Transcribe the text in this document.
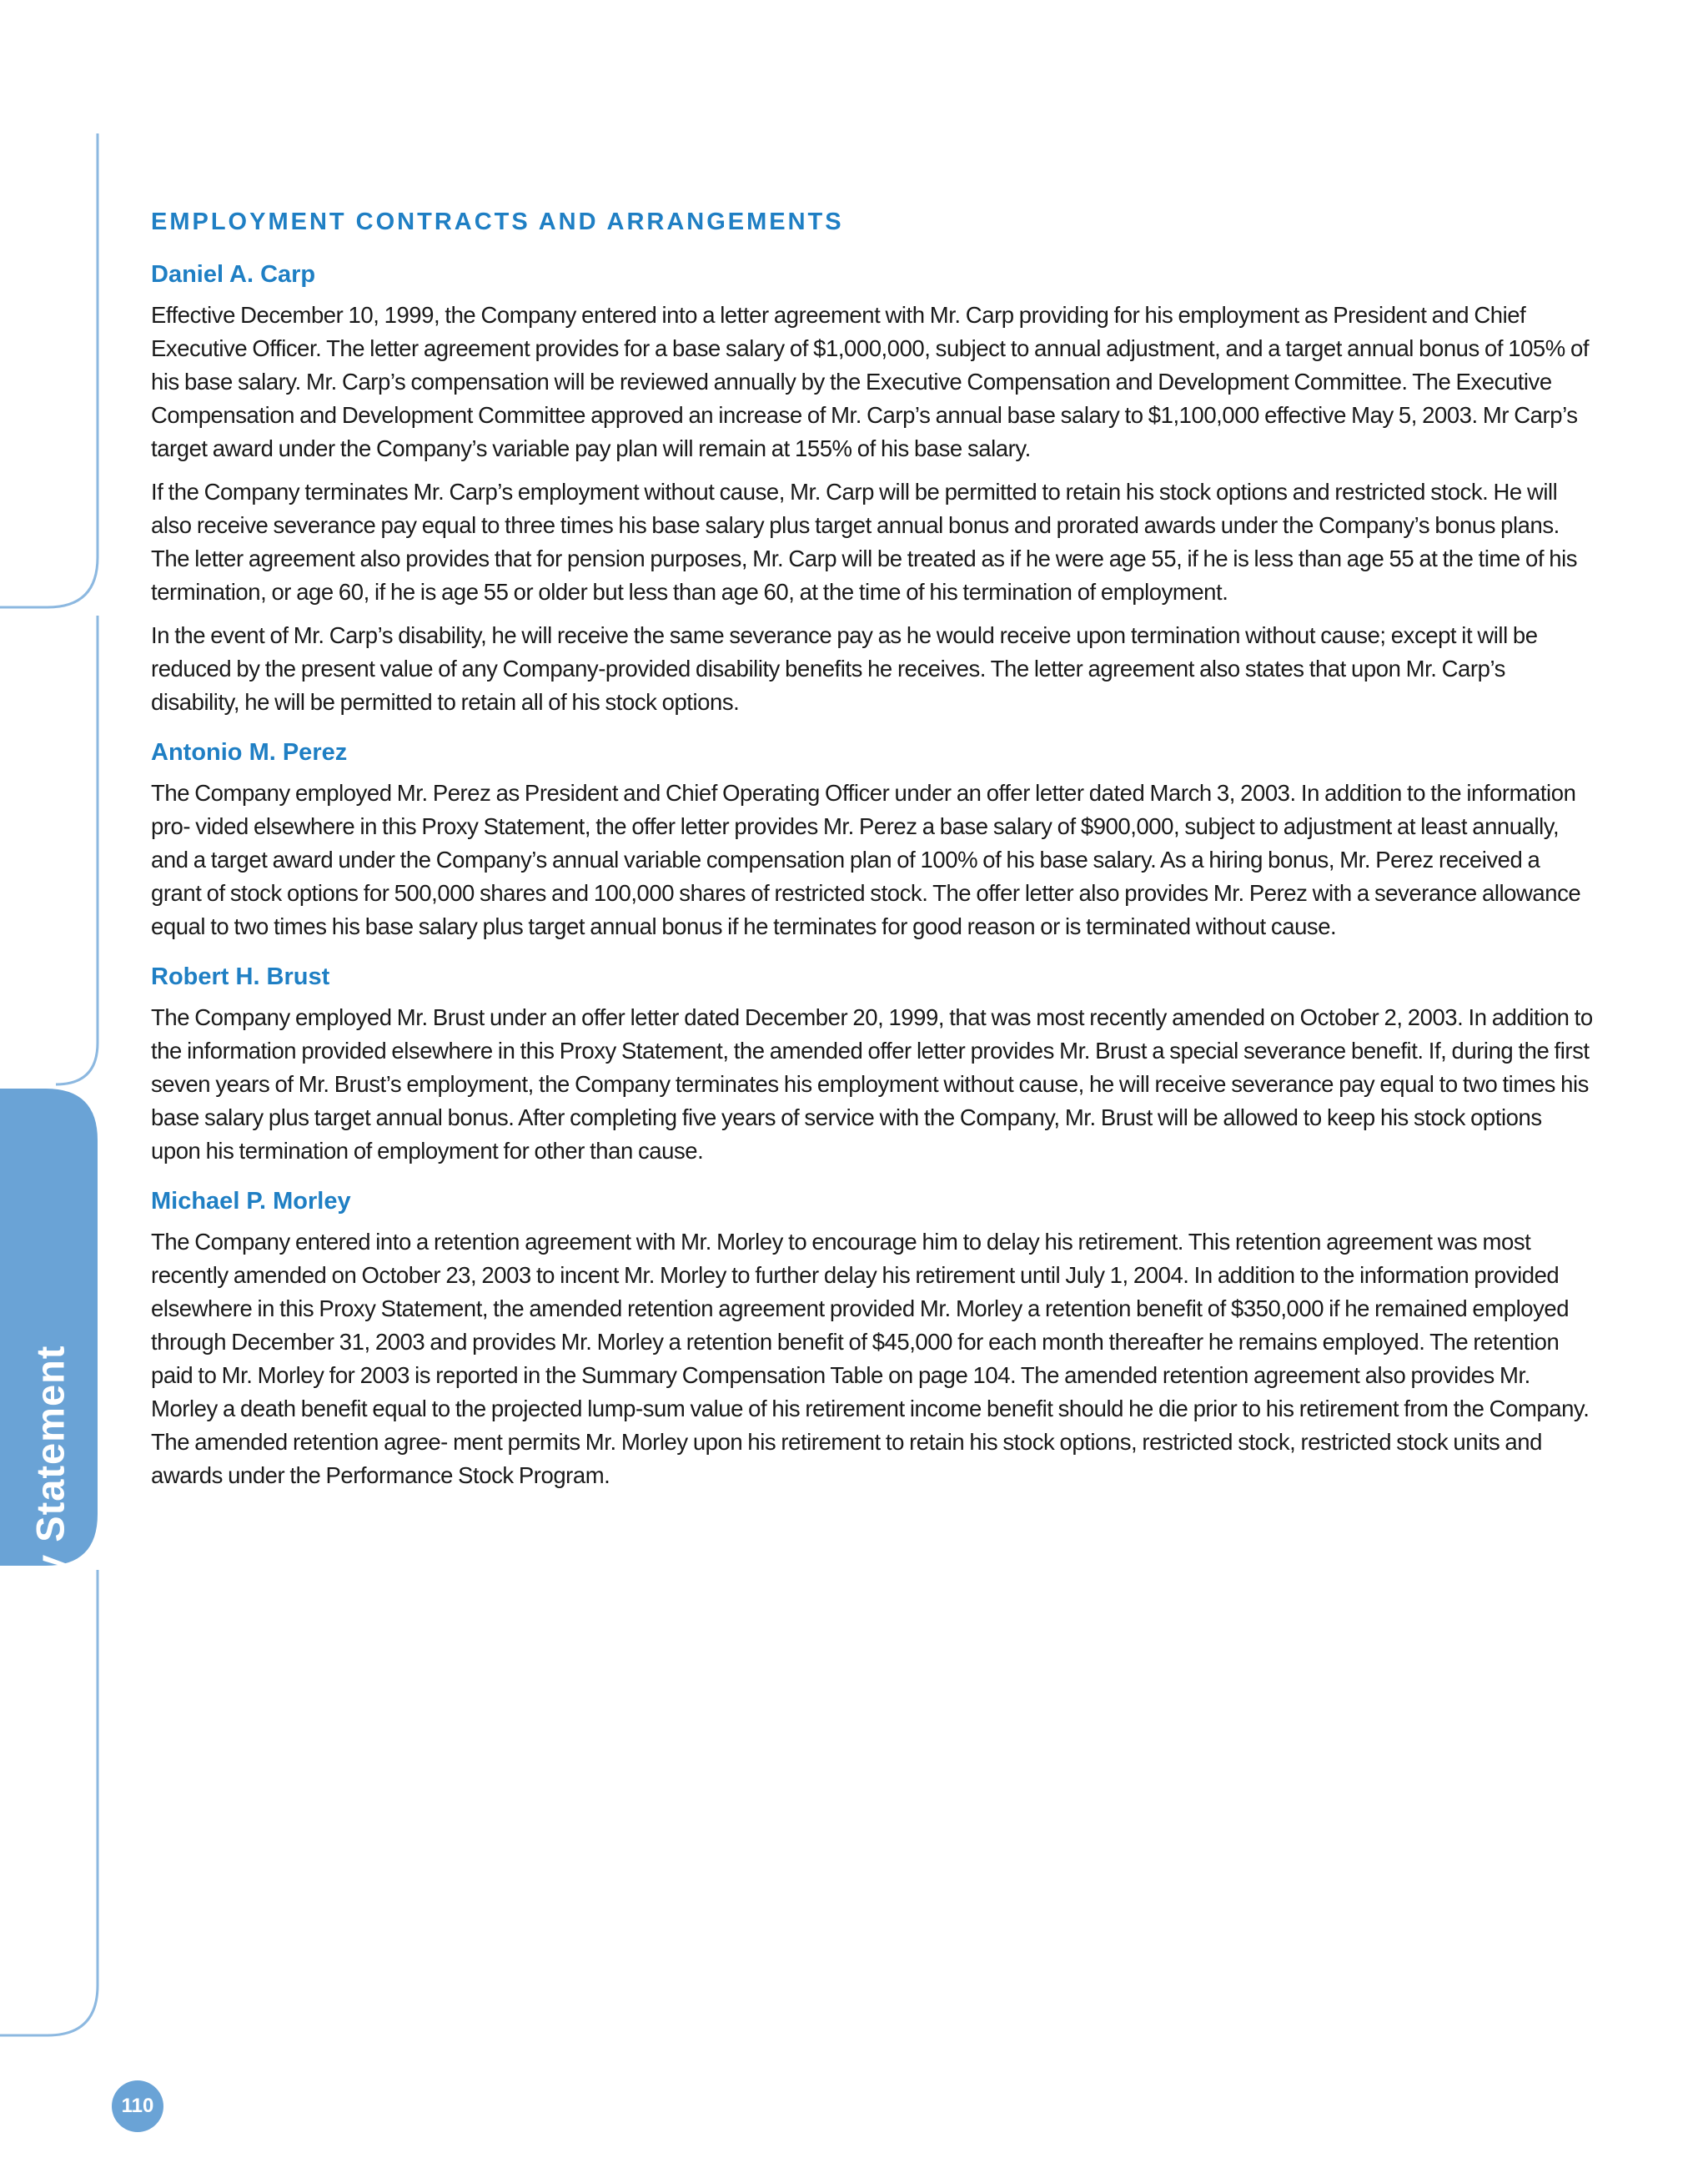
Proxy Statement
110
EMPLOYMENT CONTRACTS AND ARRANGEMENTS
Daniel A. Carp

Effective December 10, 1999, the Company entered into a letter agreement with Mr. Carp providing for his employment as President and Chief Executive Officer. The letter agreement provides for a base salary of $1,000,000, subject to annual adjustment, and a target annual bonus of 105% of his base salary. Mr. Carp’s compensation will be reviewed annually by the Executive Compensation and Development Committee. The Executive Compensation and Development Committee approved an increase of Mr. Carp’s annual base salary to $1,100,000 effective May 5, 2003. Mr Carp’s target award under the Company’s variable pay plan will remain at 155% of his base salary.

If the Company terminates Mr. Carp’s employment without cause, Mr. Carp will be permitted to retain his stock options and restricted stock. He will also receive severance pay equal to three times his base salary plus target annual bonus and prorated awards under the Company’s bonus plans. The letter agreement also provides that for pension purposes, Mr. Carp will be treated as if he were age 55, if he is less than age 55 at the time of his termination, or age 60, if he is age 55 or older but less than age 60, at the time of his termination of employment.

In the event of Mr. Carp’s disability, he will receive the same severance pay as he would receive upon termination without cause; except it will be reduced by the present value of any Company-provided disability benefits he receives. The letter agreement also states that upon Mr. Carp’s disability, he will be permitted to retain all of his stock options.

Antonio M. Perez

The Company employed Mr. Perez as President and Chief Operating Officer under an offer letter dated March 3, 2003. In addition to the information pro- vided elsewhere in this Proxy Statement, the offer letter provides Mr. Perez a base salary of $900,000, subject to adjustment at least annually, and a target award under the Company’s annual variable compensation plan of 100% of his base salary. As a hiring bonus, Mr. Perez received a grant of stock options for 500,000 shares and 100,000 shares of restricted stock. The offer letter also provides Mr. Perez with a severance allowance equal to two times his base salary plus target annual bonus if he terminates for good reason or is terminated without cause.

Robert H. Brust

The Company employed Mr. Brust under an offer letter dated December 20, 1999, that was most recently amended on October 2, 2003. In addition to the information provided elsewhere in this Proxy Statement, the amended offer letter provides Mr. Brust a special severance benefit. If, during the first seven years of Mr. Brust’s employment, the Company terminates his employment without cause, he will receive severance pay equal to two times his base salary plus target annual bonus. After completing five years of service with the Company, Mr. Brust will be allowed to keep his stock options upon his termination of employment for other than cause.

Michael P. Morley

The Company entered into a retention agreement with Mr. Morley to encourage him to delay his retirement. This retention agreement was most recently amended on October 23, 2003 to incent Mr. Morley to further delay his retirement until July 1, 2004. In addition to the information provided elsewhere in this Proxy Statement, the amended retention agreement provided Mr. Morley a retention benefit of $350,000 if he remained employed through December 31, 2003 and provides Mr. Morley a retention benefit of $45,000 for each month thereafter he remains employed. The retention paid to Mr. Morley for 2003 is reported in the Summary Compensation Table on page 104. The amended retention agreement also provides Mr. Morley a death benefit equal to the projected lump-sum value of his retirement income benefit should he die prior to his retirement from the Company. The amended retention agree- ment permits Mr. Morley upon his retirement to retain his stock options, restricted stock, restricted stock units and awards under the Performance Stock Program.
